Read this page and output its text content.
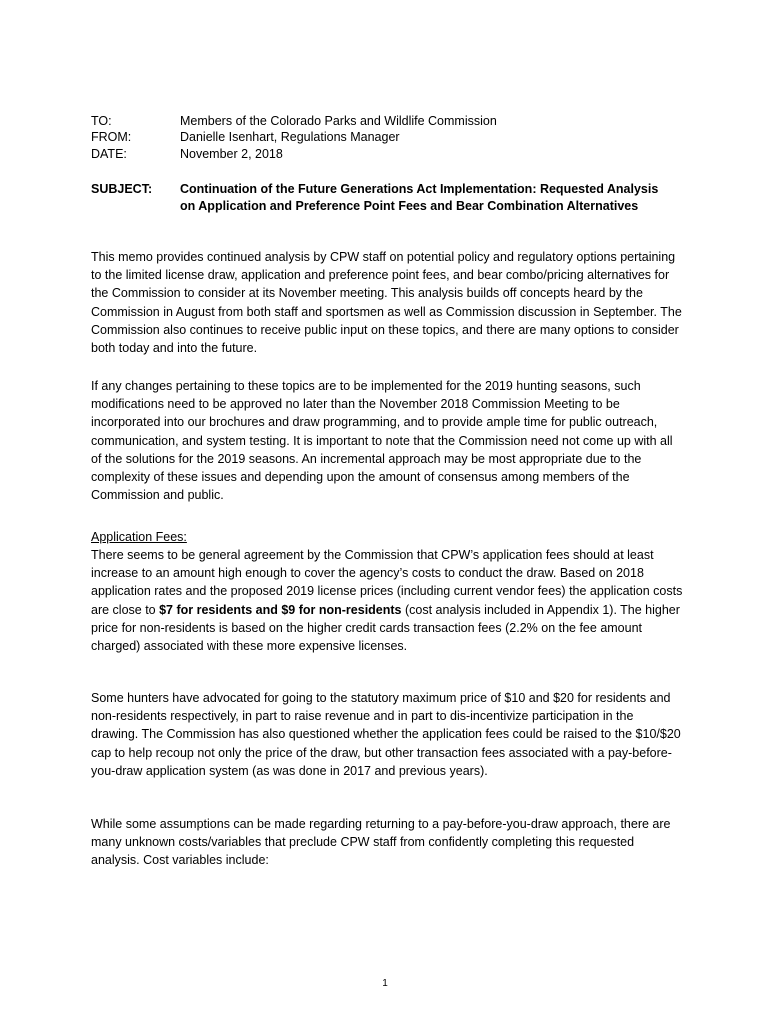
TO:	Members of the Colorado Parks and Wildlife Commission
FROM:	Danielle Isenhart, Regulations Manager
DATE:	November 2, 2018
SUBJECT: Continuation of the Future Generations Act Implementation: Requested Analysis on Application and Preference Point Fees and Bear Combination Alternatives

This memo provides continued analysis by CPW staff on potential policy and regulatory options pertaining to the limited license draw, application and preference point fees, and bear combo/pricing alternatives for the Commission to consider at its November meeting. This analysis builds off concepts heard by the Commission in August from both staff and sportsmen as well as Commission discussion in September. The Commission also continues to receive public input on these topics, and there are many options to consider both today and into the future.

If any changes pertaining to these topics are to be implemented for the 2019 hunting seasons, such modifications need to be approved no later than the November 2018 Commission Meeting to be incorporated into our brochures and draw programming, and to provide ample time for public outreach, communication, and system testing. It is important to note that the Commission need not come up with all of the solutions for the 2019 seasons. An incremental approach may be most appropriate due to the complexity of these issues and depending upon the amount of consensus among members of the Commission and public.

Application Fees:

There seems to be general agreement by the Commission that CPW’s application fees should at least increase to an amount high enough to cover the agency’s costs to conduct the draw. Based on 2018 application rates and the proposed 2019 license prices (including current vendor fees) the application costs are close to $7 for residents and $9 for non-residents (cost analysis included in Appendix 1). The higher price for non-residents is based on the higher credit cards transaction fees (2.2% on the fee amount charged) associated with these more expensive licenses.

Some hunters have advocated for going to the statutory maximum price of $10 and $20 for residents and non-residents respectively, in part to raise revenue and in part to dis-incentivize participation in the drawing. The Commission has also questioned whether the application fees could be raised to the $10/$20 cap to help recoup not only the price of the draw, but other transaction fees associated with a pay-before-you-draw application system (as was done in 2017 and previous years).

While some assumptions can be made regarding returning to a pay-before-you-draw approach, there are many unknown costs/variables that preclude CPW staff from confidently completing this requested analysis. Cost variables include:

1
